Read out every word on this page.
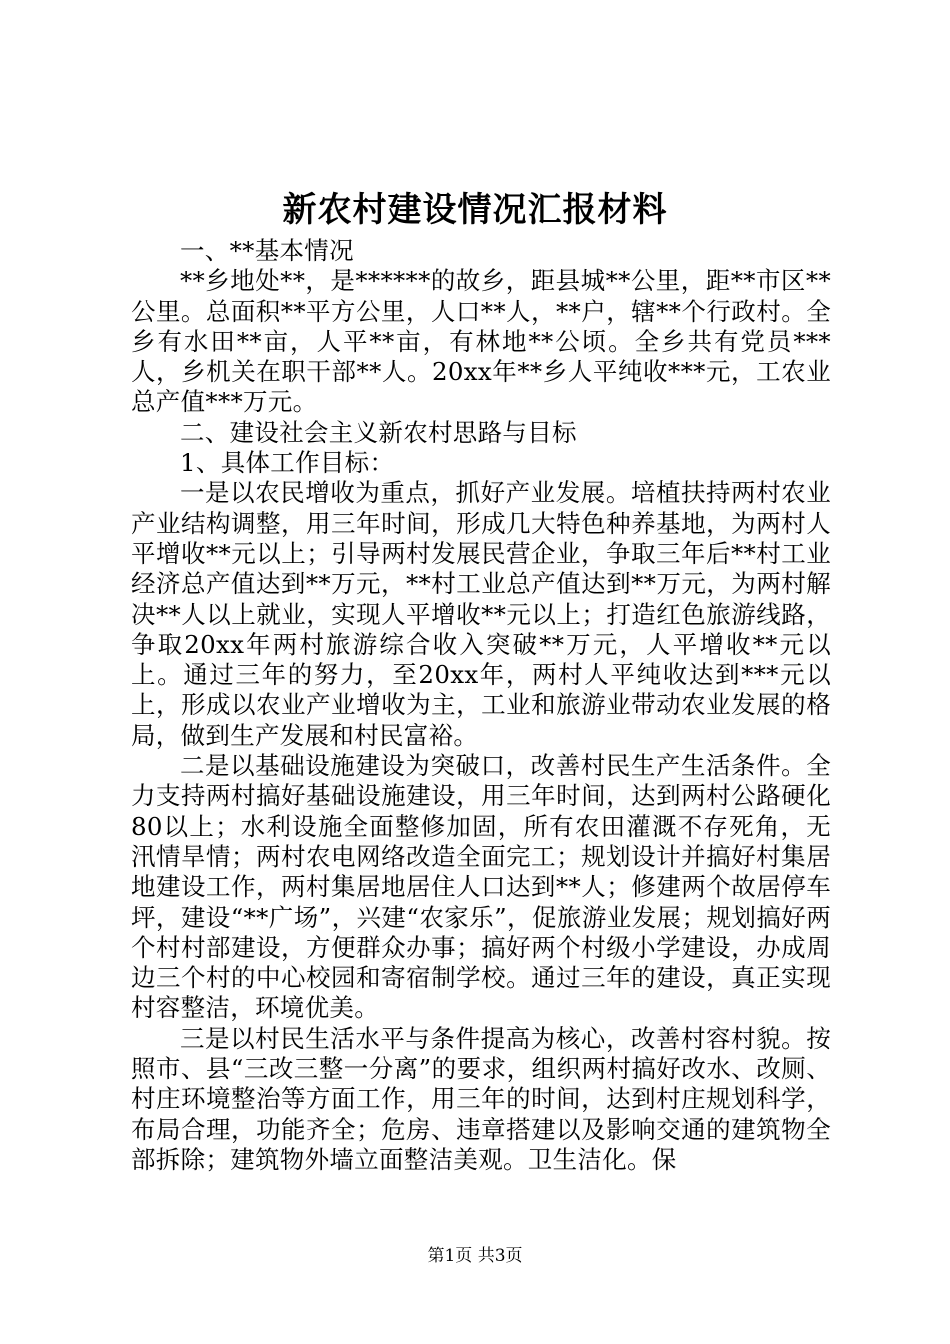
新农村建设情况汇报材料

一、**基本情况

**乡地处**，是******的故乡，距县城**公里，距**市区**公里。总面积**平方公里，人口**人，**户，辖**个行政村。全乡有水田**亩，人平**亩，有林地**公顷。全乡共有党员***人，乡机关在职干部**人。20xx年**乡人平纯收***元，工农业总产值***万元。

二、建设社会主义新农村思路与目标

1、具体工作目标：

一是以农民增收为重点，抓好产业发展。培植扶持两村农业产业结构调整，用三年时间，形成几大特色种养基地，为两村人平增收**元以上；引导两村发展民营企业，争取三年后**村工业经济总产值达到**万元，**村工业总产值达到**万元，为两村解决**人以上就业，实现人平增收**元以上；打造红色旅游线路，争取20xx年两村旅游综合收入突破**万元，人平增收**元以上。通过三年的努力，至20xx年，两村人平纯收达到***元以上，形成以农业产业增收为主，工业和旅游业带动农业发展的格局，做到生产发展和村民富裕。

二是以基础设施建设为突破口，改善村民生产生活条件。全力支持两村搞好基础设施建设，用三年时间，达到两村公路硬化80以上；水利设施全面整修加固，所有农田灌溉不存死角，无汛情旱情；两村农电网络改造全面完工；规划设计并搞好村集居地建设工作，两村集居地居住人口达到**人；修建两个故居停车坪，建设“**广场”，兴建“农家乐”，促旅游业发展；规划搞好两个村村部建设，方便群众办事；搞好两个村级小学建设，办成周边三个村的中心校园和寄宿制学校。通过三年的建设，真正实现村容整洁，环境优美。

三是以村民生活水平与条件提高为核心，改善村容村貌。按照市、县“三改三整一分离”的要求，组织两村搞好改水、改厕、村庄环境整治等方面工作，用三年的时间，达到村庄规划科学，布局合理，功能齐全；危房、违章搭建以及影响交通的建筑物全部拆除；建筑物外墙立面整洁美观。卫生洁化。保

第1页 共3页
